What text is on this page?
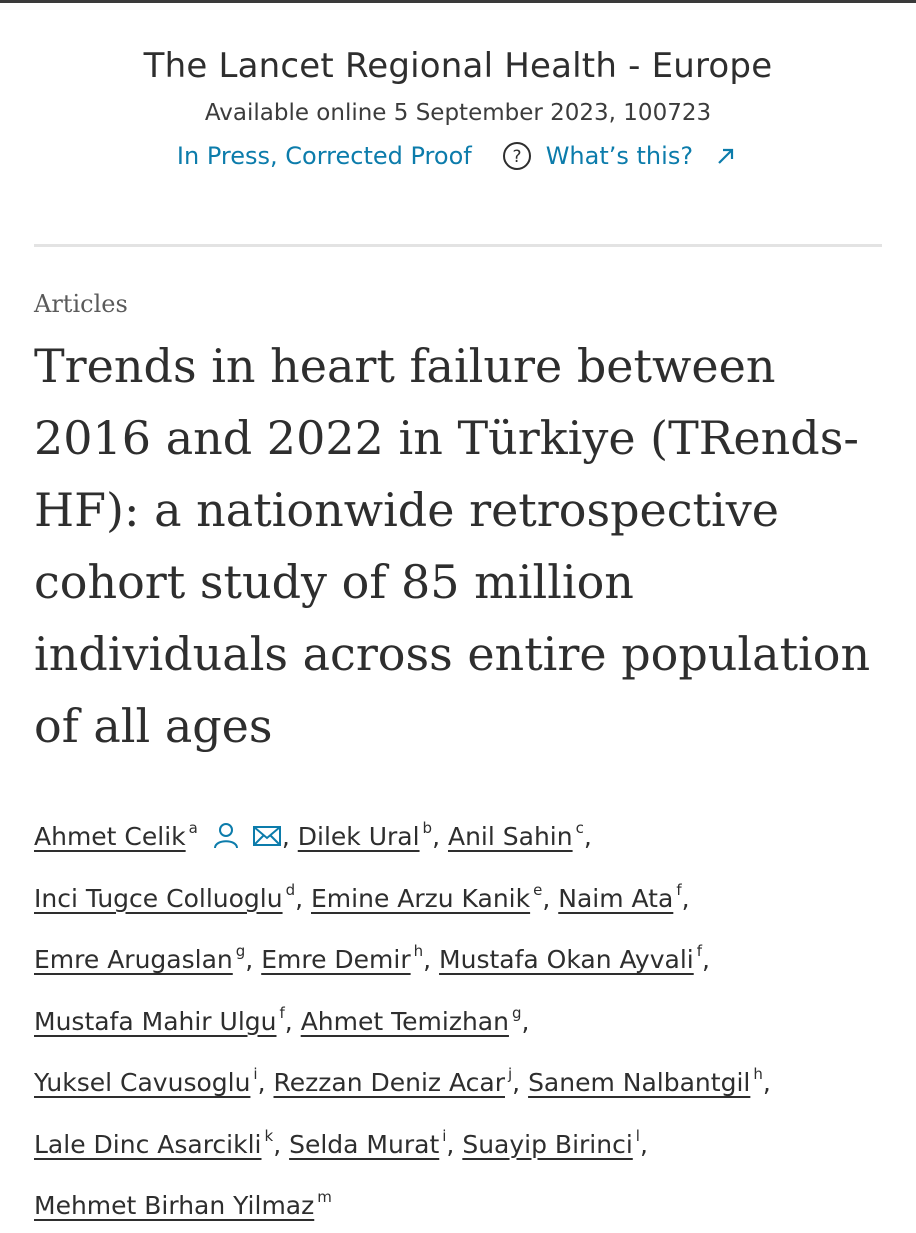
The Lancet Regional Health - Europe
Available online 5 September 2023, 100723
In Press, Corrected Proof ? What’s this?
Articles
Trends in heart failure between 2016 and 2022 in Türkiye (TRends-HF): a nationwide retrospective cohort study of 85 million individuals across entire population of all ages
Ahmet Celik $^a$	, Dilek Ural $^b$, Anil Sahin $^c$,
Inci Tugce Colluoglu $^d$, Emine Arzu Kanik $^e$, Naim Ata $^f$,
Emre Arugaslan $^g$, Emre Demir $^h$, Mustafa Okan Ayvali $^f$,
Mustafa Mahir Ulgu $^f$, Ahmet Temizhan $^g$,
Yuksel Cavusoglu $^i$, Rezzan Deniz Acar $^j$, Sanem Nalbantgil $^h$,
Lale Dinc Asarcikli $^k$, Selda Murat $^i$, Suayip Birinci $^l$,
Mehmet Birhan Yilmaz $^m$
